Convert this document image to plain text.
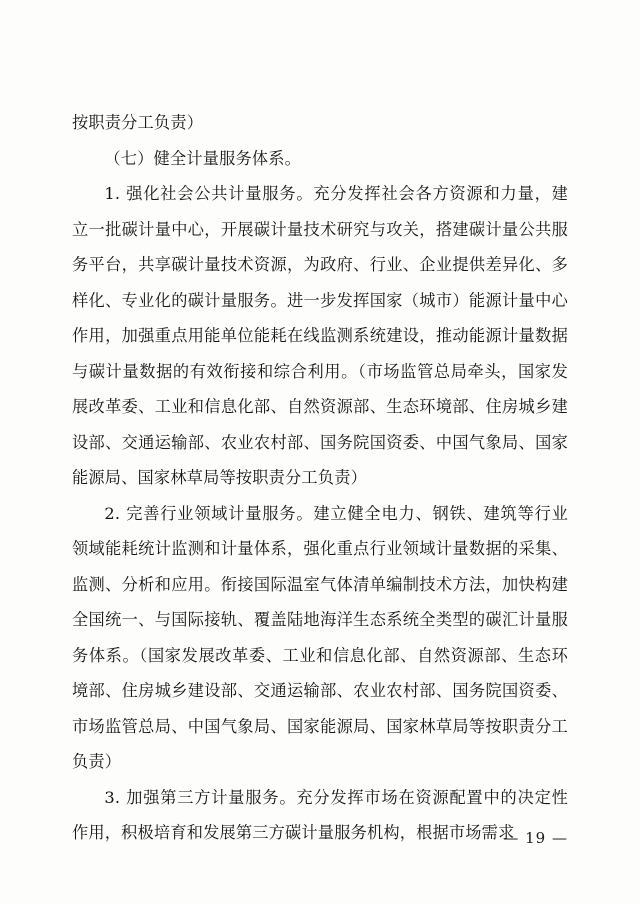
按职责分工负责）

（七）健全计量服务体系。

1. 强化社会公共计量服务。充分发挥社会各方资源和力量，建立一批碳计量中心，开展碳计量技术研究与攻关，搭建碳计量公共服务平台，共享碳计量技术资源，为政府、行业、企业提供差异化、多样化、专业化的碳计量服务。进一步发挥国家（城市）能源计量中心作用，加强重点用能单位能耗在线监测系统建设，推动能源计量数据与碳计量数据的有效衔接和综合利用。（市场监管总局牵头，国家发展改革委、工业和信息化部、自然资源部、生态环境部、住房城乡建设部、交通运输部、农业农村部、国务院国资委、中国气象局、国家能源局、国家林草局等按职责分工负责）

2. 完善行业领域计量服务。建立健全电力、钢铁、建筑等行业领域能耗统计监测和计量体系，强化重点行业领域计量数据的采集、监测、分析和应用。衔接国际温室气体清单编制技术方法，加快构建全国统一、与国际接轨、覆盖陆地海洋生态系统全类型的碳汇计量服务体系。（国家发展改革委、工业和信息化部、自然资源部、生态环境部、住房城乡建设部、交通运输部、农业农村部、国务院国资委、市场监管总局、中国气象局、国家能源局、国家林草局等按职责分工负责）

3. 加强第三方计量服务。充分发挥市场在资源配置中的决定性作用，积极培育和发展第三方碳计量服务机构，根据市场需求

— 19 —
